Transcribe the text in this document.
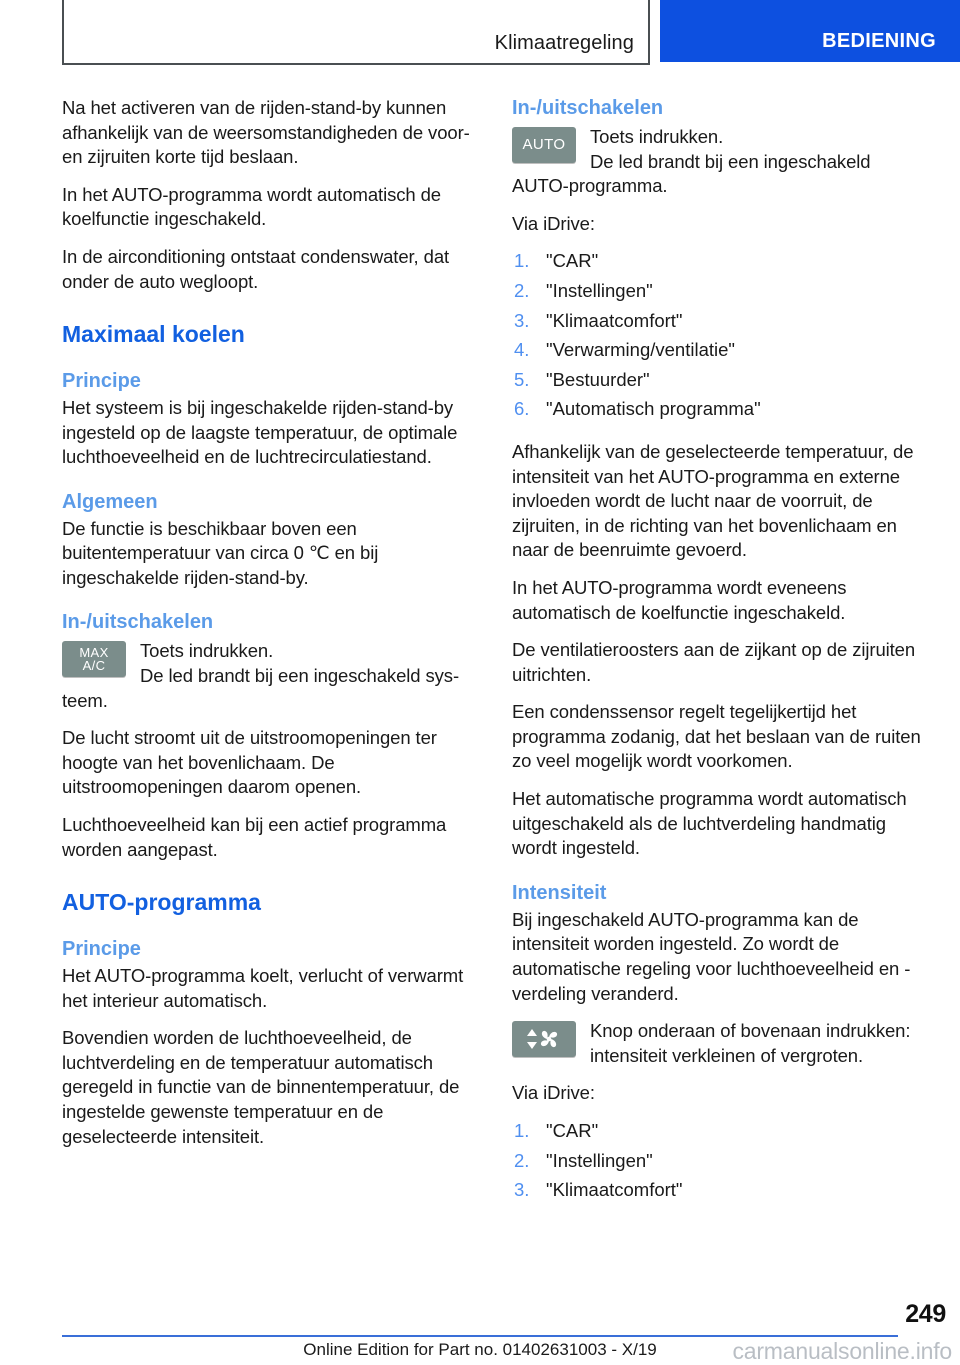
Klimaatregeling	BEDIENING

Na het activeren van de rijden-stand-by kunnen afhankelijk van de weersomstandigheden de voor- en zijruiten korte tijd beslaan.

In het AUTO-programma wordt automatisch de koelfunctie ingeschakeld.

In de airconditioning ontstaat condenswater, dat onder de auto wegloopt.

Maximaal koelen
Principe

Het systeem is bij ingeschakelde rijden-stand-by ingesteld op de laagste temperatuur, de optimale luchthoeveelheid en de luchtrecirculatiestand.

Algemeen

De functie is beschikbaar boven een buitentemperatuur van circa 0 ℃ en bij ingeschakelde rijden-stand-by.

In-/uitschakelen
MAX
A/C
Toets indrukken.
De led brandt bij een ingeschakeld sys-
teem.

De lucht stroomt uit de uitstroomopeningen ter hoogte van het bovenlichaam. De uitstroomopeningen daarom openen.

Luchthoeveelheid kan bij een actief programma worden aangepast.

AUTO-programma
Principe

Het AUTO-programma koelt, verlucht of verwarmt het interieur automatisch.

Bovendien worden de luchthoeveelheid, de luchtverdeling en de temperatuur automatisch geregeld in functie van de binnentemperatuur, de ingestelde gewenste temperatuur en de geselecteerde intensiteit.

In-/uitschakelen
AUTO Toets indrukken.
De led brandt bij een ingeschakeld
AUTO-programma.

Via iDrive:

1. "CAR"
2. "Instellingen"
3. "Klimaatcomfort"
4. "Verwarming/ventilatie"
5. "Bestuurder"
6. "Automatisch programma"

Afhankelijk van de geselecteerde temperatuur, de intensiteit van het AUTO-programma en externe invloeden wordt de lucht naar de voorruit, de zijruiten, in de richting van het bovenlichaam en naar de beenruimte gevoerd.

In het AUTO-programma wordt eveneens automatisch de koelfunctie ingeschakeld.

De ventilatieroosters aan de zijkant op de zijruiten uitrichten.

Een condenssensor regelt tegelijkertijd het programma zodanig, dat het beslaan van de ruiten zo veel mogelijk wordt voorkomen.

Het automatische programma wordt automatisch uitgeschakeld als de luchtverdeling handmatig wordt ingesteld.

Intensiteit

Bij ingeschakeld AUTO-programma kan de intensiteit worden ingesteld. Zo wordt de automatische regeling voor luchthoeveelheid en -verdeling veranderd.

Knop onderaan of bovenaan indrukken:
intensiteit verkleinen of vergroten.

Via iDrive:

1. "CAR"
2. "Instellingen"
3. "Klimaatcomfort"
249
Online Edition for Part no. 01402631003 - X/19	carmanualsonline.info
